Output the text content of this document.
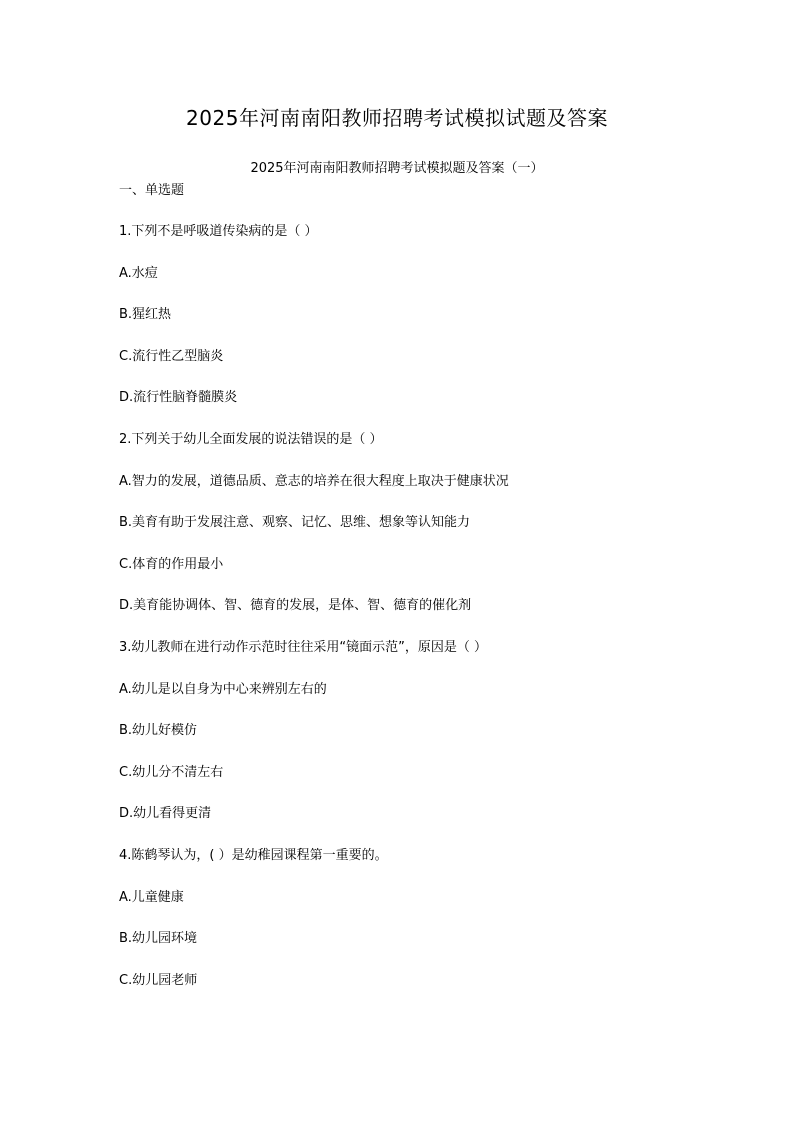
2025年河南南阳教师招聘考试模拟试题及答案
2025年河南南阳教师招聘考试模拟题及答案（一）
一、单选题
1.下列不是呼吸道传染病的是（ ）
A.水痘
B.猩红热
C.流行性乙型脑炎
D.流行性脑脊髓膜炎
2.下列关于幼儿全面发展的说法错误的是（ ）
A.智力的发展，道德品质、意志的培养在很大程度上取决于健康状况
B.美育有助于发展注意、观察、记忆、思维、想象等认知能力
C.体育的作用最小
D.美育能协调体、智、德育的发展，是体、智、德育的催化剂
3.幼儿教师在进行动作示范时往往采用“镜面示范”，原因是（ ）
A.幼儿是以自身为中心来辨别左右的
B.幼儿好模仿
C.幼儿分不清左右
D.幼儿看得更清
4.陈鹤琴认为，( ）是幼稚园课程第一重要的。
A.儿童健康
B.幼儿园环境
C.幼儿园老师
